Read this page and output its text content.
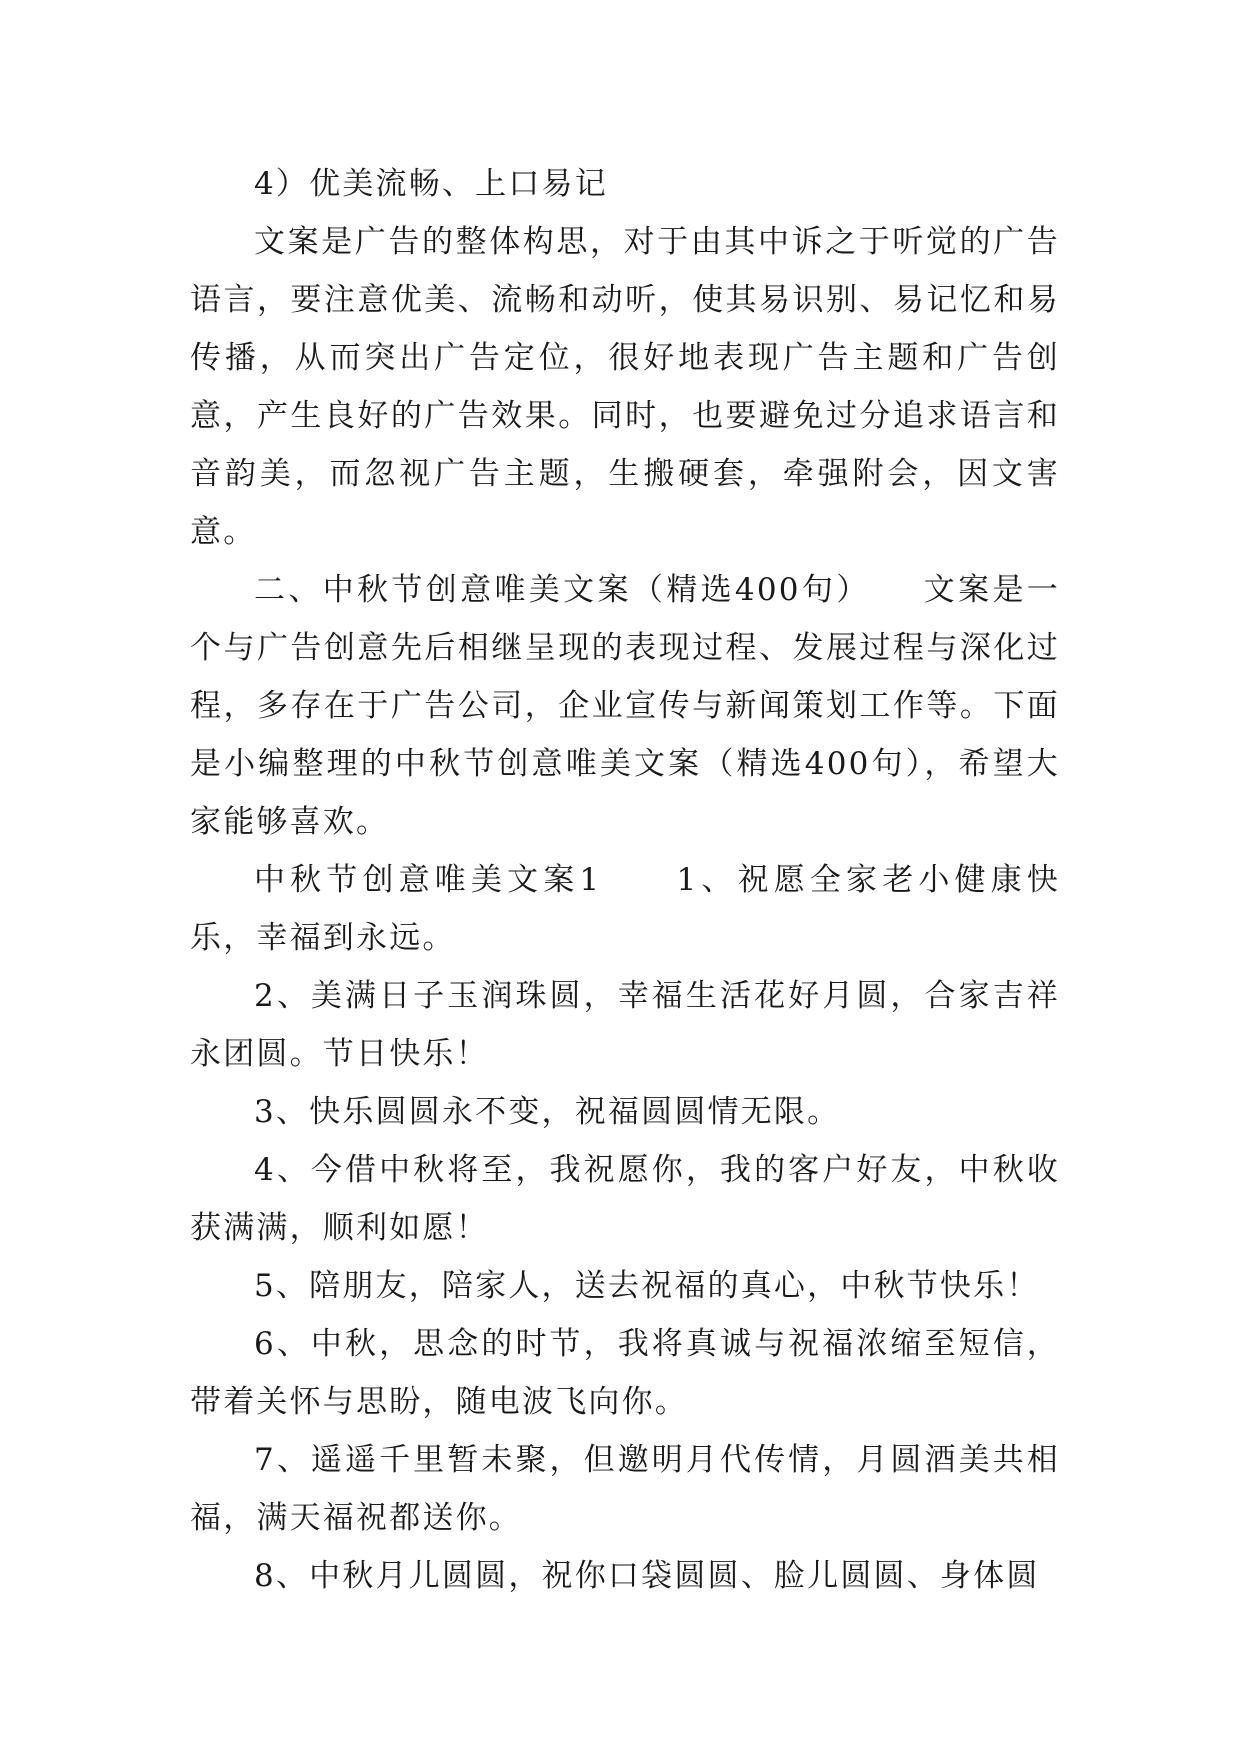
4）优美流畅、上口易记

文案是广告的整体构思，对于由其中诉之于听觉的广告语言，要注意优美、流畅和动听，使其易识别、易记忆和易传播，从而突出广告定位，很好地表现广告主题和广告创意，产生良好的广告效果。同时，也要避免过分追求语言和音韵美，而忽视广告主题，生搬硬套，牵强附会，因文害意。

二、中秋节创意唯美文案（精选400句）　　文案是一个与广告创意先后相继呈现的表现过程、发展过程与深化过程，多存在于广告公司，企业宣传与新闻策划工作等。下面是小编整理的中秋节创意唯美文案（精选400句），希望大家能够喜欢。

中秋节创意唯美文案1　　1、祝愿全家老小健康快乐，幸福到永远。

2、美满日子玉润珠圆，幸福生活花好月圆，合家吉祥永团圆。节日快乐！

3、快乐圆圆永不变，祝福圆圆情无限。

4、今借中秋将至，我祝愿你，我的客户好友，中秋收获满满，顺利如愿！

5、陪朋友，陪家人，送去祝福的真心，中秋节快乐！

6、中秋，思念的时节，我将真诚与祝福浓缩至短信，带着关怀与思盼，随电波飞向你。

7、遥遥千里暂未聚，但邀明月代传情，月圆酒美共相福，满天福祝都送你。

8、中秋月儿圆圆，祝你口袋圆圆、脸儿圆圆、身体圆
